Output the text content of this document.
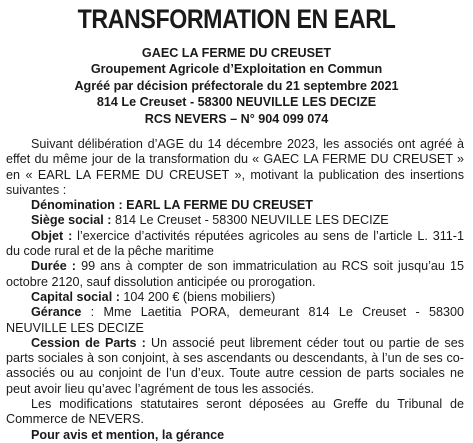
TRANSFORMATION EN EARL
GAEC LA FERME DU CREUSET
Groupement Agricole d’Exploitation en Commun
Agréé par décision préfectorale du 21 septembre 2021
814 Le Creuset - 58300 NEUVILLE LES DECIZE
RCS NEVERS – N° 904 099 074

Suivant délibération d’AGE du 14 décembre 2023, les associés ont agréé à effet du même jour de la transformation du « GAEC LA FERME DU CREUSET » en « EARL LA FERME DU CREUSET », motivant la publication des insertions suivantes :

Dénomination : EARL LA FERME DU CREUSET

Siège social : 814 Le Creuset - 58300 NEUVILLE LES DECIZE

Objet : l’exercice d’activités réputées agricoles au sens de l’article L. 311-1 du code rural et de la pêche maritime

Durée : 99 ans à compter de son immatriculation au RCS soit jusqu’au 15 octobre 2120, sauf dissolution anticipée ou prorogation.

Capital social : 104 200 € (biens mobiliers)

Gérance : Mme Laetitia PORA, demeurant 814 Le Creuset - 58300 NEUVILLE LES DECIZE

Cession de Parts : Un associé peut librement céder tout ou partie de ses parts sociales à son conjoint, à ses ascendants ou descendants, à l’un de ses co-associés ou au conjoint de l’un d’eux. Toute autre cession de parts sociales ne peut avoir lieu qu’avec l’agrément de tous les associés.

Les modifications statutaires seront déposées au Greffe du Tribunal de Commerce de NEVERS.

Pour avis et mention, la gérance
